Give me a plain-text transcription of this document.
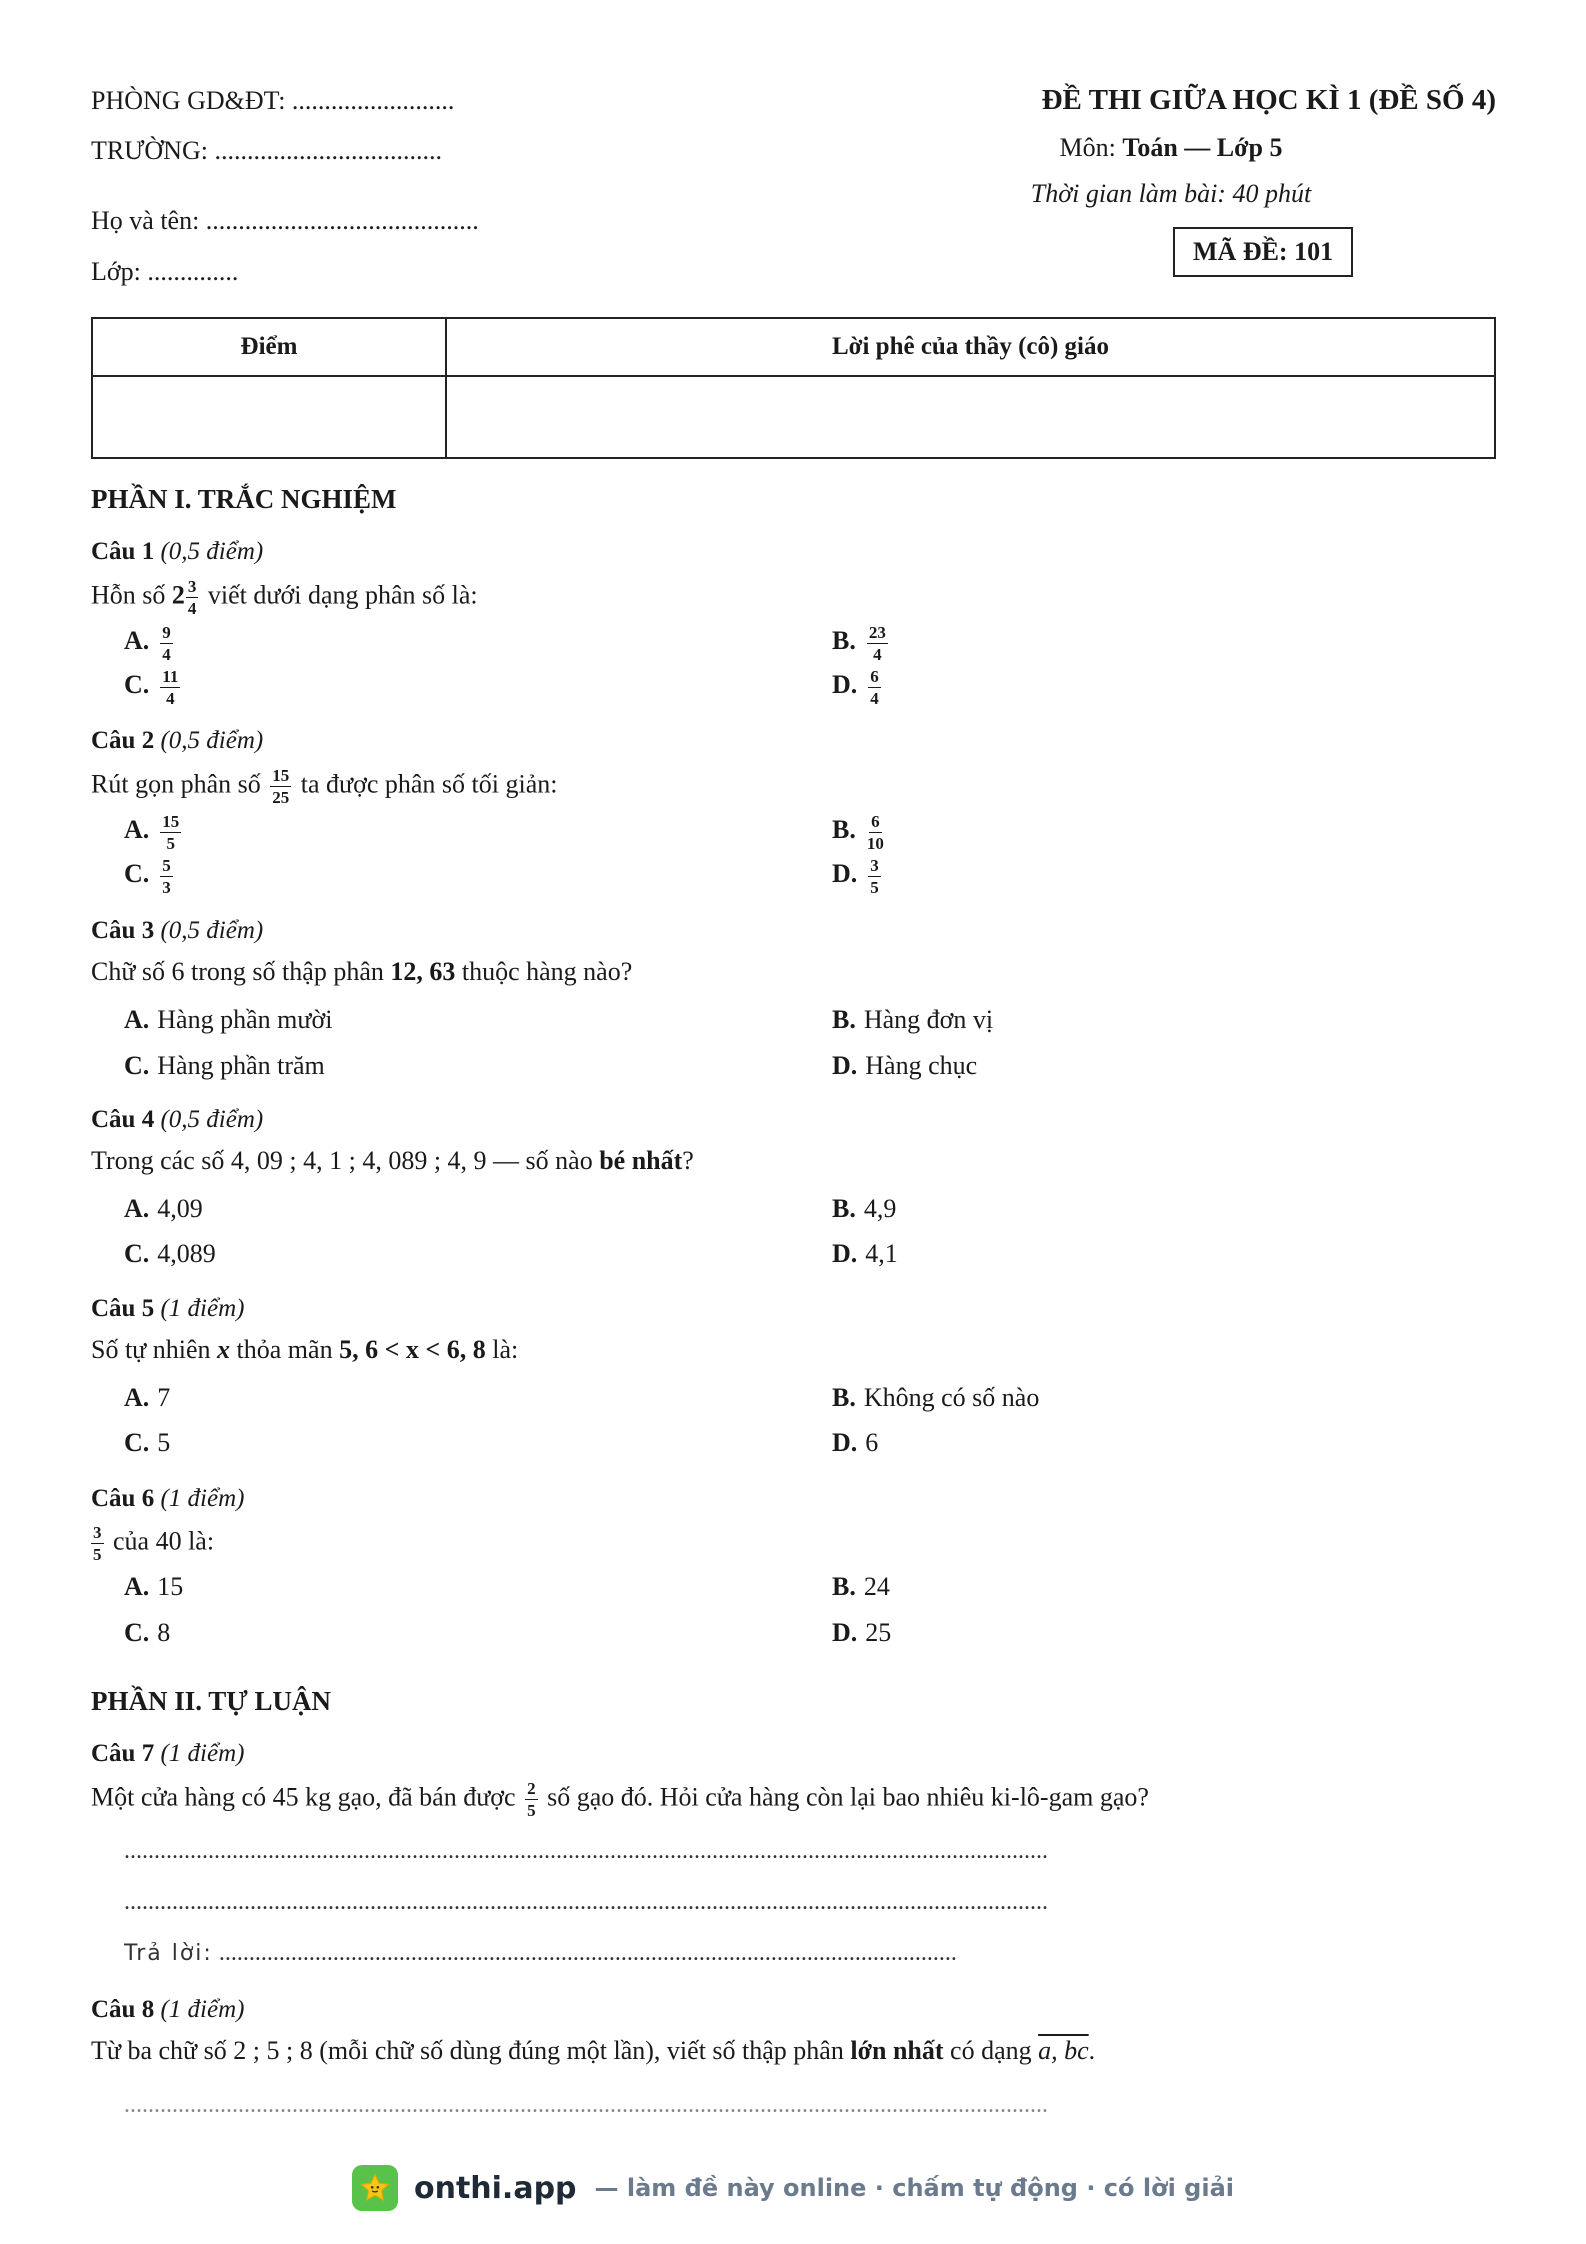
PHÒNG GD&ĐT: .........................
TRƯỜNG: ...................................
Họ và tên: ..........................................
Lớp: ..............
ĐỀ THI GIỮA HỌC KÌ 1 (ĐỀ SỐ 4)
Môn: Toán — Lớp 5
Thời gian làm bài: 40 phút
MÃ ĐỀ: 101
Điểm	Lời phê của thầy (cô) giáo

PHẦN I. TRẮC NGHIỆM
Câu 1 (0,5 điểm)
Hỗn số $2 \frac{3}{4}$ viết dưới dạng phân số là:
A. $\frac{9}{4}$	B. $\frac{23}{4}$
C. $\frac{11}{4}$	D. $\frac{6}{4}$
Câu 2 (0,5 điểm)
Rút gọn phân số $\frac{15}{25}$ ta được phân số tối giản:
A. $\frac{15}{5}$	B. $\frac{6}{10}$
C. $\frac{5}{3}$	D. $\frac{3}{5}$
Câu 3 (0,5 điểm)
Chữ số 6 trong số thập phân 12, 63 thuộc hàng nào?
A. Hàng phần mười	B. Hàng đơn vị
C. Hàng phần trăm	D. Hàng chục
Câu 4 (0,5 điểm)
Trong các số 4, 09 ; 4, 1 ; 4, 089 ; 4, 9 — số nào bé nhất?
A. 4,09	B. 4,9
C. 4,089	D. 4,1
Câu 5 (1 điểm)
Số tự nhiên x thỏa mãn 5, 6 < x < 6, 8 là:
A. 7	B. Không có số nào
C. 5	D. 6
Câu 6 (1 điểm)
$\frac{3}{5}$ của 40 là:
A. 15	B. 24
C. 8	D. 25
PHẦN II. TỰ LUẬN
Câu 7 (1 điểm)
Một cửa hàng có 45 kg gạo, đã bán được $\frac{2}{5}$ số gạo đó. Hỏi cửa hàng còn lại bao nhiêu ki-lô-gam gạo?
..........................................................................................................................................................
..........................................................................................................................................................
Trả lời: ...........................................................................................................................
Câu 8 (1 điểm)
Từ ba chữ số 2 ; 5 ; 8 (mỗi chữ số dùng đúng một lần), viết số thập phân lớn nhất có dạng a, bc.
..........................................................................................................................................................
onthi.app — làm đề này online · chấm tự động · có lời giải
